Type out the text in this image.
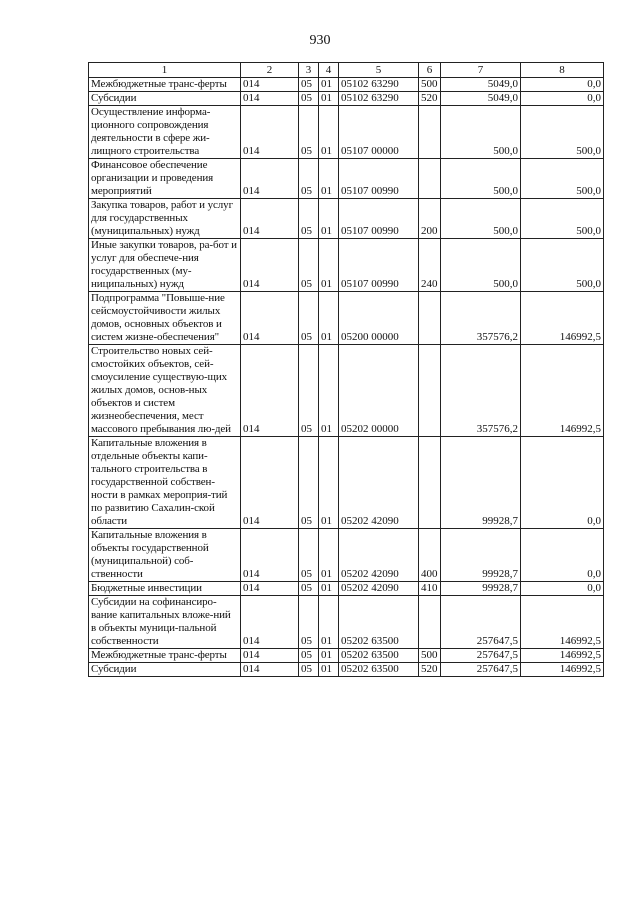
930
1	2	3	4	5	6	7	8
Межбюджетные транс-ферты	014	05	01	05102 63290	500	5049,0	0,0
Субсидии	014	05	01	05102 63290	520	5049,0	0,0
Осуществление информа-ционного сопровождения деятельности в сфере жи-лищного строительства	014	05	01	05107 00000		500,0	500,0
Финансовое обеспечение организации и проведения мероприятий	014	05	01	05107 00990		500,0	500,0
Закупка товаров, работ и услуг для государственных (муниципальных) нужд	014	05	01	05107 00990	200	500,0	500,0
Иные закупки товаров, ра-бот и услуг для обеспече-ния государственных (му-ниципальных) нужд	014	05	01	05107 00990	240	500,0	500,0
Подпрограмма "Повыше-ние сейсмоустойчивости жилых домов, основных объектов и систем жизне-обеспечения"	014	05	01	05200 00000		357576,2	146992,5
Строительство новых сей-смостойких объектов, сей-смоусиление существую-щих жилых домов, основ-ных объектов и систем жизнеобеспечения, мест массового пребывания лю-дей	014	05	01	05202 00000		357576,2	146992,5
Капитальные вложения в отдельные объекты капи-тального строительства в государственной собствен-ности в рамках мероприя-тий по развитию Сахалин-ской области	014	05	01	05202 42090		99928,7	0,0
Капитальные вложения в объекты государственной (муниципальной) соб-ственности	014	05	01	05202 42090	400	99928,7	0,0
Бюджетные инвестиции	014	05	01	05202 42090	410	99928,7	0,0
Субсидии на софинансиро-вание капитальных вложе-ний в объекты муници-пальной собственности	014	05	01	05202 63500		257647,5	146992,5
Межбюджетные транс-ферты	014	05	01	05202 63500	500	257647,5	146992,5
Субсидии	014	05	01	05202 63500	520	257647,5	146992,5
